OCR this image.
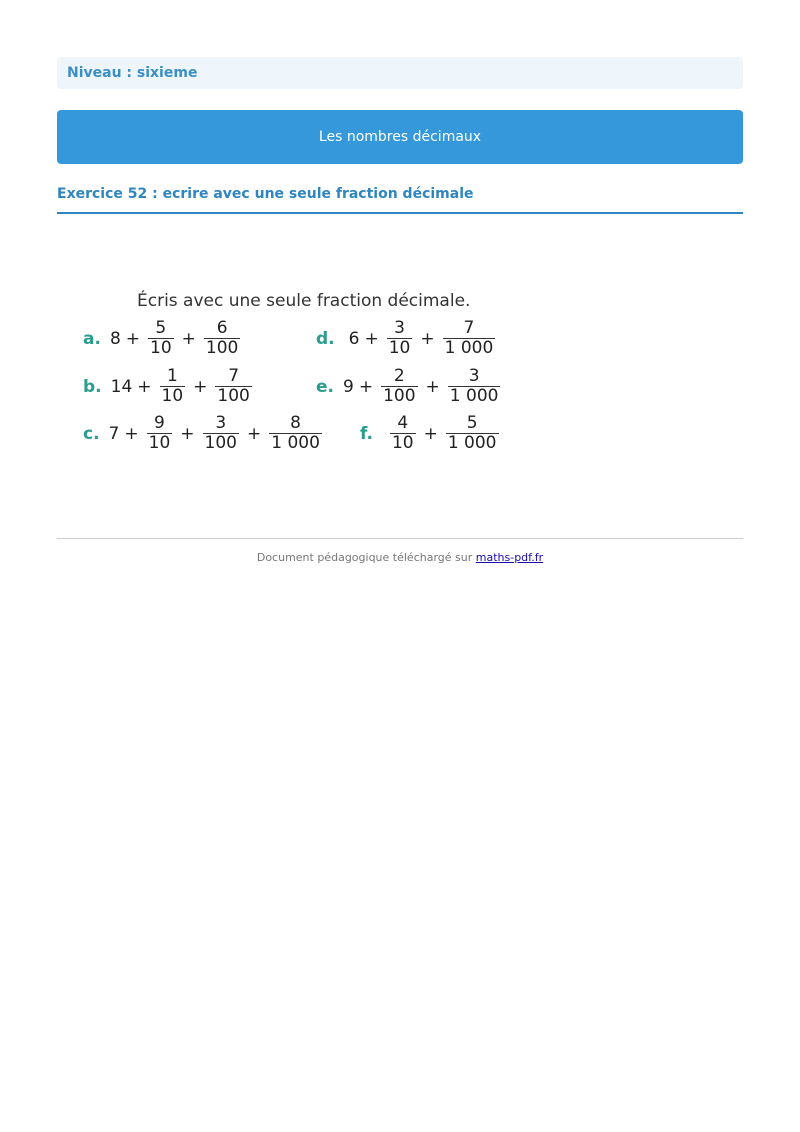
Niveau : sixieme
Les nombres décimaux
Exercice 52 : ecrire avec une seule fraction décimale
Écris avec une seule fraction décimale.
a. $8 + \frac{5}{10} + \frac{6}{100}$
b. $14 + \frac{1}{10} + \frac{7}{100}$
c. $7 + \frac{9}{10} + \frac{3}{100} + \frac{8}{1 000}$
d. $6 + \frac{3}{10} + \frac{7}{1 000}$
e. $9 + \frac{2}{100} + \frac{3}{1 000}$
f. $\frac{4}{10} + \frac{5}{1 000}$
Document pédagogique téléchargé sur maths-pdf.fr
